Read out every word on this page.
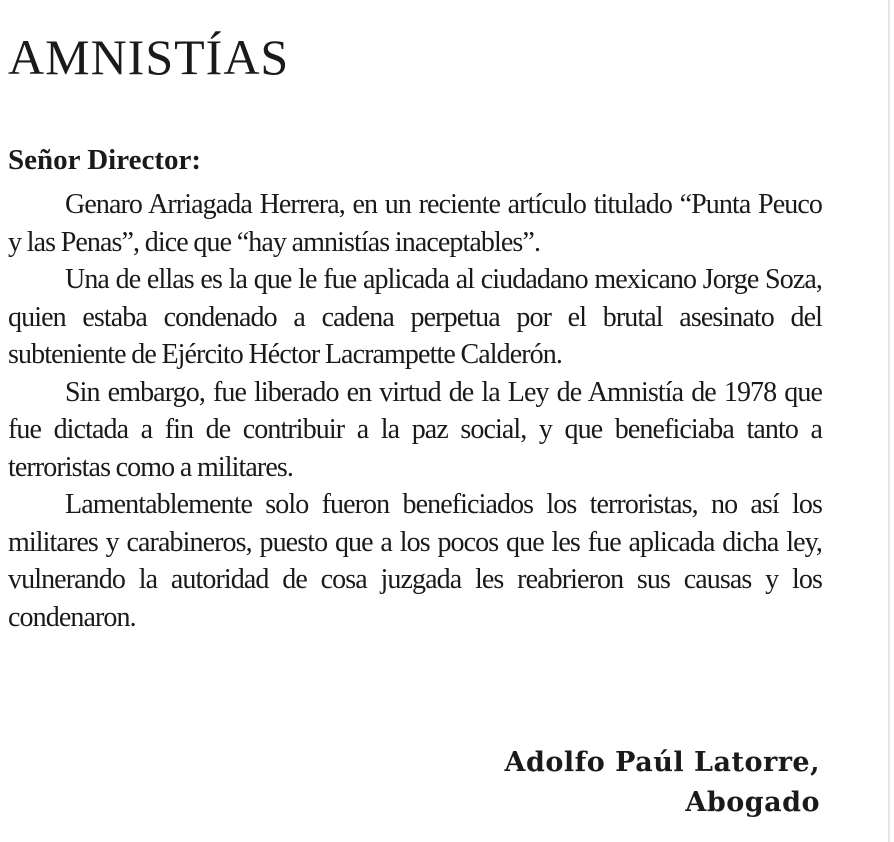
AMNISTÍAS
Señor Director:

Genaro Arriagada Herrera, en un reciente artículo titulado “Punta Peuco y las Penas”, dice que “hay amnistías inaceptables”.

Una de ellas es la que le fue aplicada al ciudadano mexicano Jorge Soza, quien estaba condenado a cadena perpetua por el brutal asesinato del subteniente de Ejército Héctor Lacrampette Calderón.

Sin embargo, fue liberado en virtud de la Ley de Amnistía de 1978 que fue dictada a fin de contribuir a la paz social, y que beneficiaba tanto a terroristas como a militares.

Lamentablemente solo fueron beneficiados los terroristas, no así los militares y carabineros, puesto que a los pocos que les fue aplicada dicha ley, vulnerando la autoridad de cosa juzgada les reabrieron sus causas y los condenaron.

Adolfo Paúl Latorre,
Abogado
